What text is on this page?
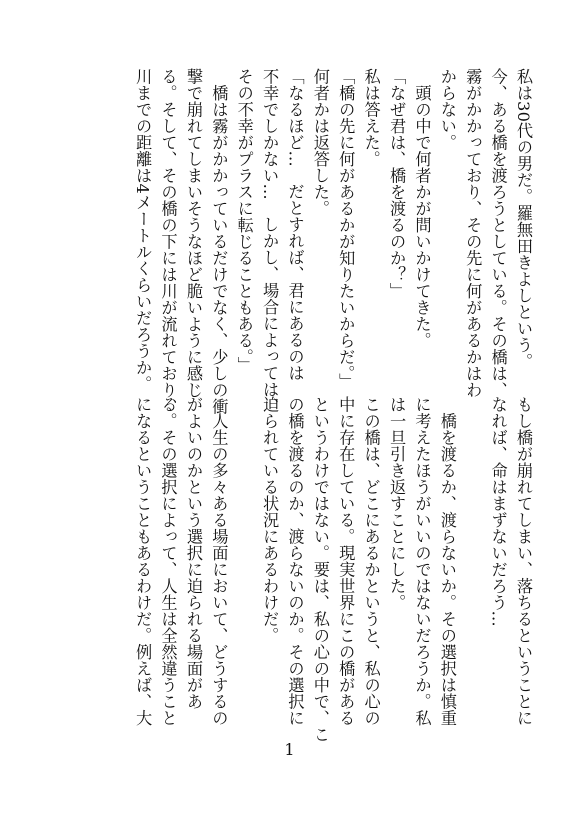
私は30代の男だ。羅無田きよしという。
今、ある橋を渡ろうとしている。その橋は、
霧がかかっており、その先に何があるかはわ
からない。
　頭の中で何者かが問いかけてきた。
「なぜ君は、橋を渡るのか？」
私は答えた。
「橋の先に何があるかが知りたいからだ。」
何者かは返答した。
「なるほど…　だとすれば、君にあるのは
不幸でしかない…　しかし、場合によっては、
その不幸がプラスに転じることもある。」
　橋は霧がかかっているだけでなく、少しの衝
撃で崩れてしまいそうなほど脆いように感じ
る。そして、その橋の下には川が流れており、
川までの距離は4メートルくらいだろうか。
もし橋が崩れてしまい、落ちるということに
なれば、命はまずないだろう…
　橋を渡るか、渡らないか。その選択は慎重
に考えたほうがいいのではないだろうか。私
は一旦引き返すことにした。
この橋は、どこにあるかというと、私の心の
中に存在している。現実世界にこの橋がある
というわけではない。要は、私の心の中で、こ
の橋を渡るのか、渡らないのか。その選択に
迫られている状況にあるわけだ。
　人生の多々ある場面において、どうするの
がよいのかという選択に迫られる場面があ
る。その選択によって、人生は全然違うこと
になるということもあるわけだ。例えば、大
1
